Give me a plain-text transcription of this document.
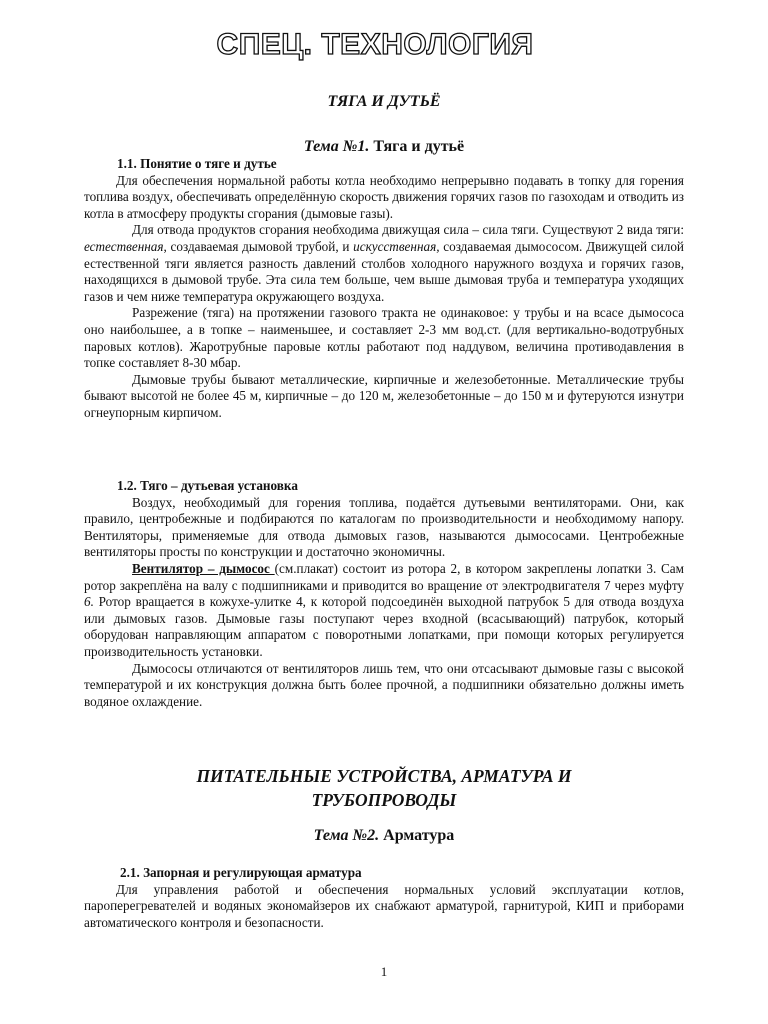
СПЕЦ. ТЕХНОЛОГИЯ
ТЯГА И ДУТЬЁ
Тема №1. Тяга и дутьё
1.1. Понятие о тяге и дутье

Для обеспечения нормальной работы котла необходимо непрерывно подавать в топку для горения топлива воздух, обеспечивать определённую скорость движения горячих газов по газоходам и отводить из котла в атмосферу продукты сгорания (дымовые газы).

Для отвода продуктов сгорания необходима движущая сила – сила тяги. Существуют 2 вида тяги: естественная, создаваемая дымовой трубой, и искусственная, создаваемая дымососом. Движущей силой естественной тяги является разность давлений столбов холодного наружного воздуха и горячих газов, находящихся в дымовой трубе. Эта сила тем больше, чем выше дымовая труба и температура уходящих газов и чем ниже температура окружающего воздуха.

Разрежение (тяга) на протяжении газового тракта не одинаковое: у трубы и на всасе дымососа оно наибольшее, а в топке – наименьшее, и составляет 2-3 мм вод.ст. (для вертикально-водотрубных паровых котлов). Жаротрубные паровые котлы работают под наддувом, величина противодавления в топке составляет 8-30 мбар.

Дымовые трубы бывают металлические, кирпичные и железобетонные. Металлические трубы бывают высотой не более 45 м, кирпичные – до 120 м, железобетонные – до 150 м и футеруются изнутри огнеупорным кирпичом.

1.2. Тяго – дутьевая установка

Воздух, необходимый для горения топлива, подаётся дутьевыми вентиляторами. Они, как правило, центробежные и подбираются по каталогам по производительности и необходимому напору. Вентиляторы, применяемые для отвода дымовых газов, называются дымососами. Центробежные вентиляторы просты по конструкции и достаточно экономичны.

Вентилятор – дымосос (см.плакат) состоит из ротора 2, в котором закреплены лопатки 3. Сам ротор закреплёна на валу с подшипниками и приводится во вращение от электродвигателя 7 через муфту 6. Ротор вращается в кожухе-улитке 4, к которой подсоединён выходной патрубок 5 для отвода воздуха или дымовых газов. Дымовые газы поступают через входной (всасывающий) патрубок, который оборудован направляющим аппаратом с поворотными лопатками, при помощи которых регулируется производительность установки.

Дымососы отличаются от вентиляторов лишь тем, что они отсасывают дымовые газы с высокой температурой и их конструкция должна быть более прочной, а подшипники обязательно должны иметь водяное охлаждение.

ПИТАТЕЛЬНЫЕ УСТРОЙСТВА, АРМАТУРА И
ТРУБОПРОВОДЫ
Тема №2. Арматура
2.1. Запорная и регулирующая арматура

Для управления работой и обеспечения нормальных условий эксплуатации котлов, пароперегревателей и водяных экономайзеров их снабжают арматурой, гарнитурой, КИП и приборами автоматического контроля и безопасности.

1
